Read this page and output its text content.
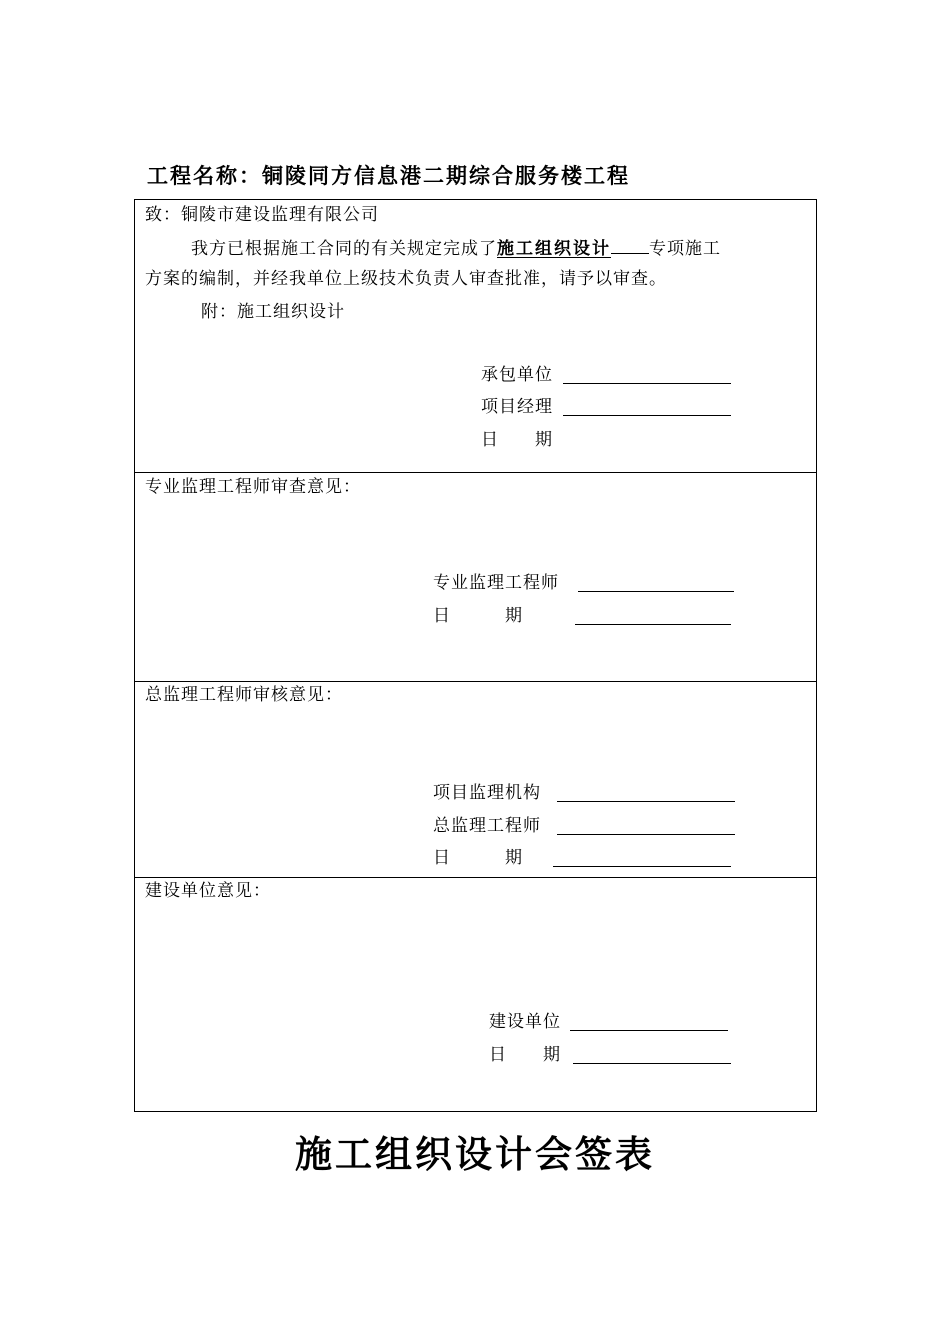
工程名称：铜陵同方信息港二期综合服务楼工程
致：铜陵市建设监理有限公司
我方已根据施工合同的有关规定完成了施工组织设计 专项施工
方案的编制，并经我单位上级技术负责人审查批准，请予以审查。
附：施工组织设计
承包单位
项目经理
日　　期
专业监理工程师审查意见：
专业监理工程师
日　　　期
总监理工程师审核意见：
项目监理机构
总监理工程师
日　　　期
建设单位意见：
建设单位
日　　期
施工组织设计会签表
